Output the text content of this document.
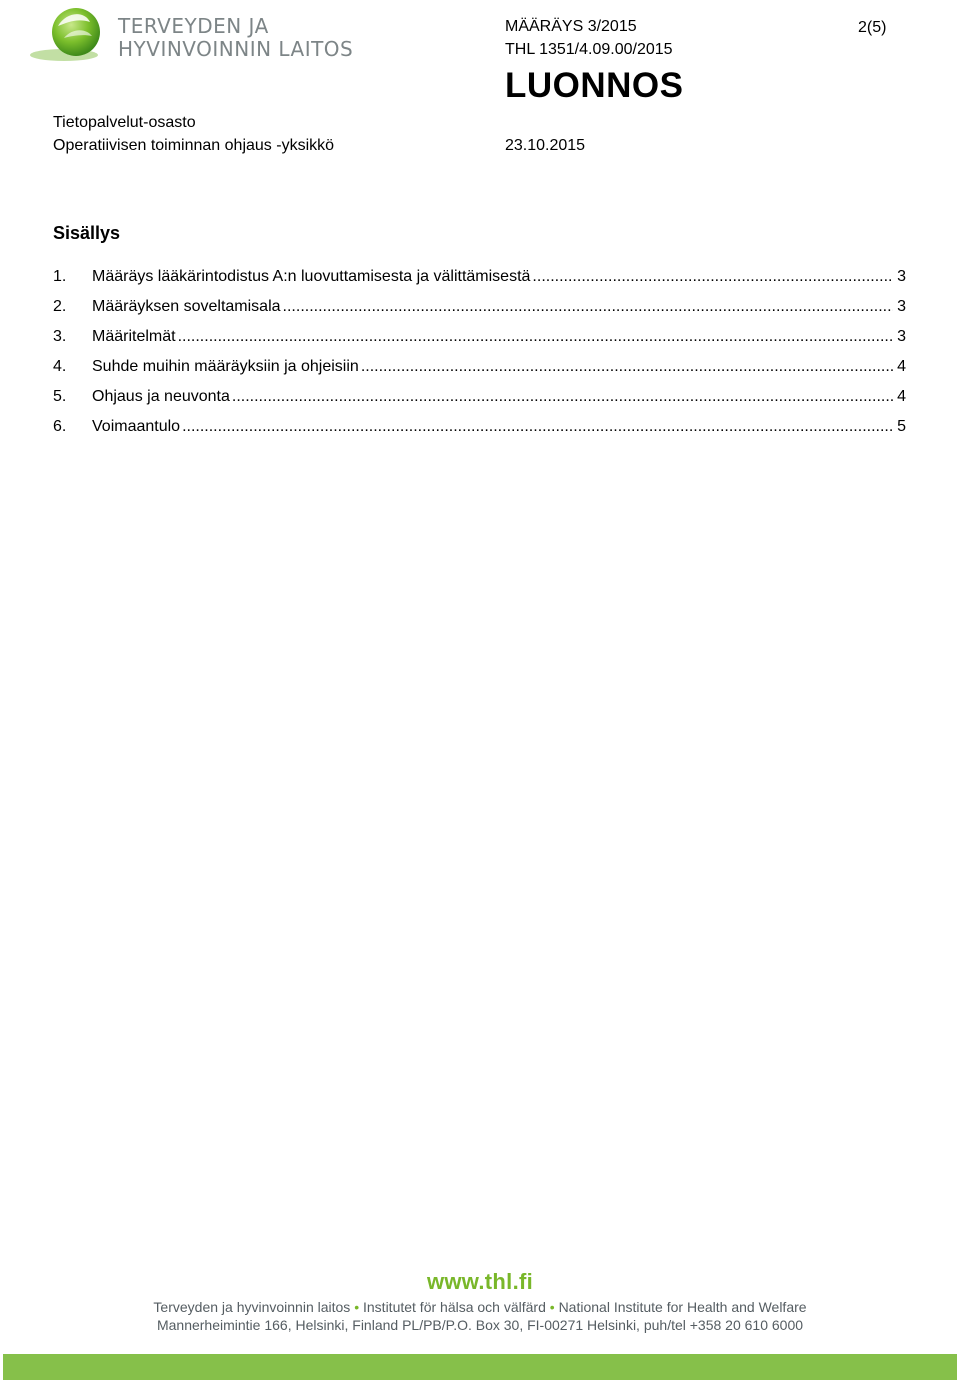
TERVEYDEN JA
HYVINVOINNIN LAITOS
MÄÄRÄYS 3/2015
THL 1351/4.09.00/2015
LUONNOS
2(5)
Tietopalvelut-osasto
Operatiivisen toiminnan ohjaus -yksikkö	23.10.2015
Sisällys
1.	Määräys lääkärintodistus A:n luovuttamisesta ja välittämisestä .....	3
2.	Määräyksen soveltamisala .....	3
3.	Määritelmät .....	3
4.	Suhde muihin määräyksiin ja ohjeisiin .....	4
5.	Ohjaus ja neuvonta .....	4
6.	Voimaantulo .....	5
www.thl.fi
Terveyden ja hyvinvoinnin laitos • Institutet för hälsa och välfärd • National Institute for Health and Welfare
Mannerheimintie 166, Helsinki, Finland PL/PB/P.O. Box 30, FI-00271 Helsinki, puh/tel +358 20 610 6000
